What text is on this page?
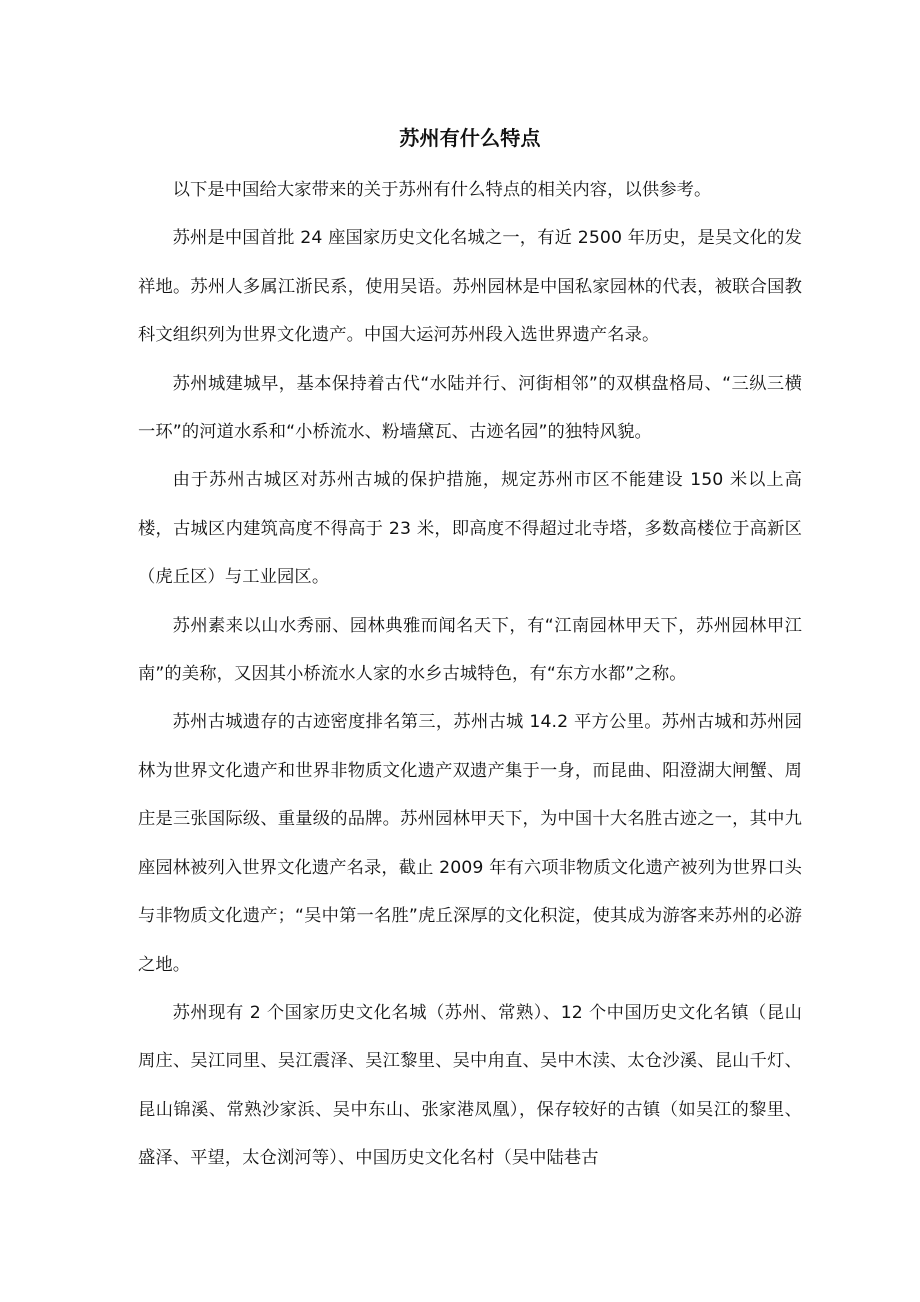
苏州有什么特点

以下是中国给大家带来的关于苏州有什么特点的相关内容，以供参考。

苏州是中国首批 24 座国家历史文化名城之一，有近 2500 年历史，是吴文化的发祥地。苏州人多属江浙民系，使用吴语。苏州园林是中国私家园林的代表，被联合国教科文组织列为世界文化遗产。中国大运河苏州段入选世界遗产名录。

苏州城建城早，基本保持着古代“水陆并行、河街相邻”的双棋盘格局、“三纵三横一环”的河道水系和“小桥流水、粉墙黛瓦、古迹名园”的独特风貌。

由于苏州古城区对苏州古城的保护措施，规定苏州市区不能建设 150 米以上高楼，古城区内建筑高度不得高于 23 米，即高度不得超过北寺塔，多数高楼位于高新区（虎丘区）与工业园区。

苏州素来以山水秀丽、园林典雅而闻名天下，有“江南园林甲天下，苏州园林甲江南”的美称，又因其小桥流水人家的水乡古城特色，有“东方水都”之称。

苏州古城遗存的古迹密度排名第三，苏州古城 14.2 平方公里。苏州古城和苏州园林为世界文化遗产和世界非物质文化遗产双遗产集于一身，而昆曲、阳澄湖大闸蟹、周庄是三张国际级、重量级的品牌。苏州园林甲天下，为中国十大名胜古迹之一，其中九座园林被列入世界文化遗产名录，截止 2009 年有六项非物质文化遗产被列为世界口头与非物质文化遗产；“吴中第一名胜”虎丘深厚的文化积淀，使其成为游客来苏州的必游之地。

苏州现有 2 个国家历史文化名城（苏州、常熟）、12 个中国历史文化名镇（昆山周庄、吴江同里、吴江震泽、吴江黎里、吴中甪直、吴中木渎、太仓沙溪、昆山千灯、昆山锦溪、常熟沙家浜、吴中东山、张家港凤凰），保存较好的古镇（如吴江的黎里、盛泽、平望，太仓浏河等）、中国历史文化名村（吴中陆巷古
